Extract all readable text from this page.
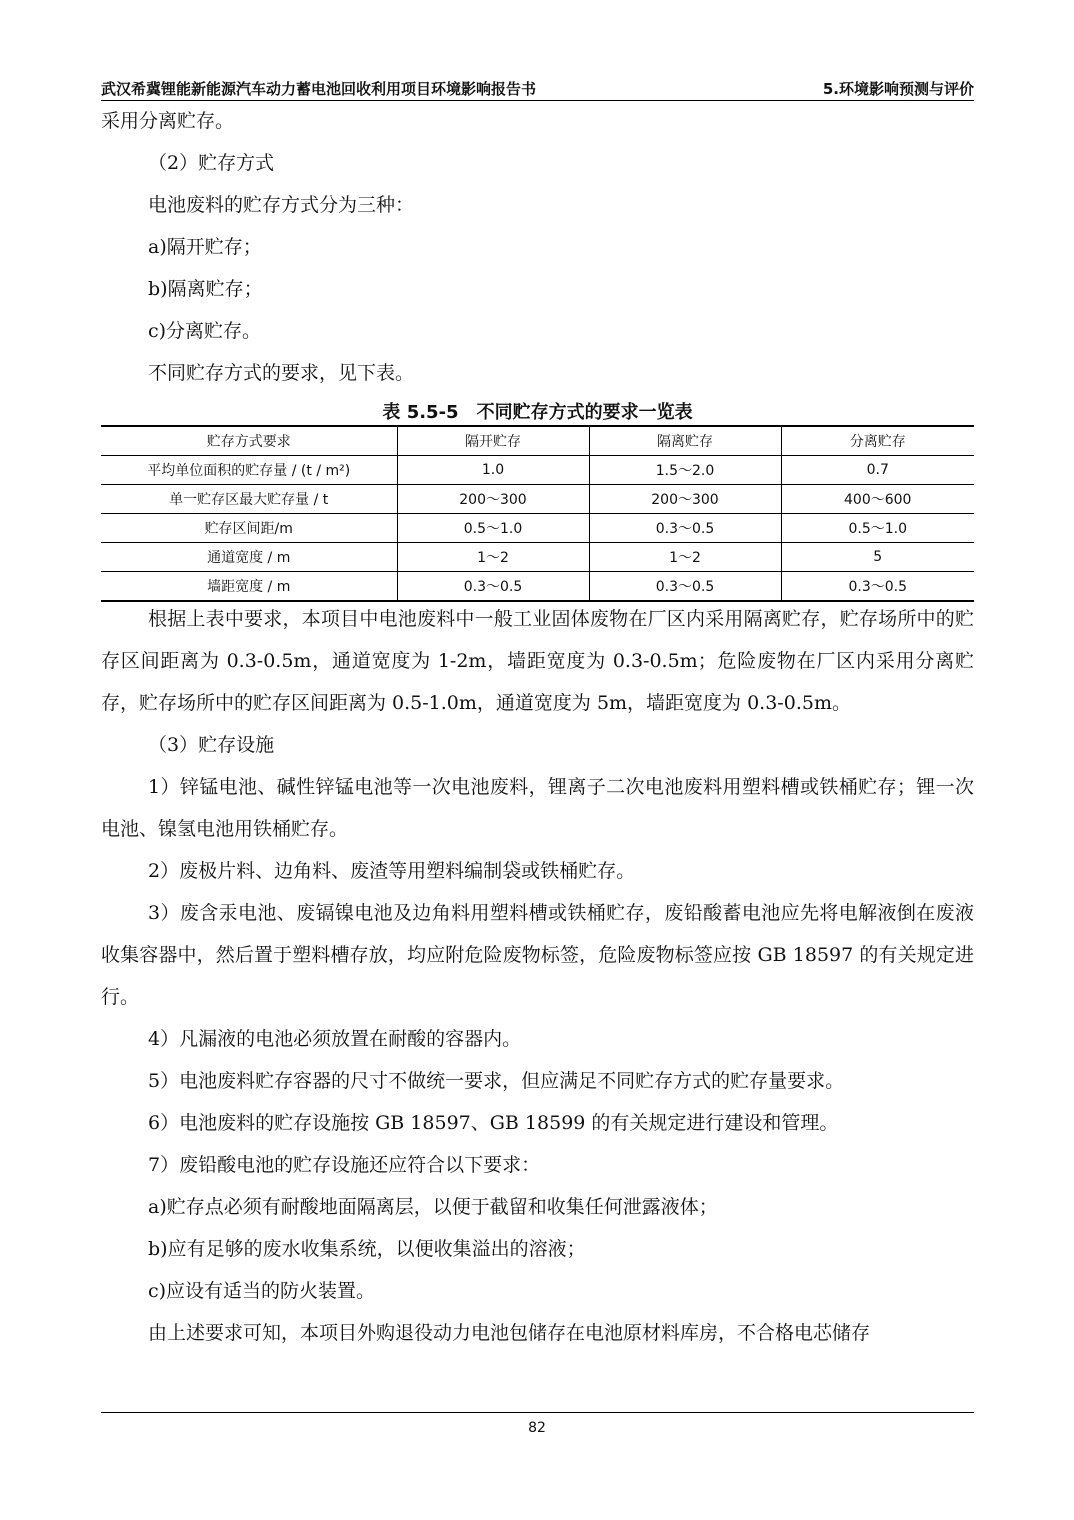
武汉希冀锂能新能源汽车动力蓄电池回收利用项目环境影响报告书	5.环境影响预测与评价

采用分离贮存。

（2）贮存方式

电池废料的贮存方式分为三种：

a)隔开贮存；

b)隔离贮存；

c)分离贮存。

不同贮存方式的要求，见下表。

表 5.5-5　不同贮存方式的要求一览表
贮存方式要求	隔开贮存	隔离贮存	分离贮存
平均单位面积的贮存量 / (t / m²)	1.0	1.5～2.0	0.7
单一贮存区最大贮存量 / t	200～300	200～300	400～600
贮存区间距/m	0.5～1.0	0.3～0.5	0.5～1.0
通道宽度 / m	1～2	1～2	5
墙距宽度 / m	0.3～0.5	0.3～0.5	0.3～0.5

根据上表中要求，本项目中电池废料中一般工业固体废物在厂区内采用隔离贮存，贮存场所中的贮存区间距离为 0.3-0.5m，通道宽度为 1-2m，墙距宽度为 0.3-0.5m；危险废物在厂区内采用分离贮存，贮存场所中的贮存区间距离为 0.5-1.0m，通道宽度为 5m，墙距宽度为 0.3-0.5m。

（3）贮存设施

1）锌锰电池、碱性锌锰电池等一次电池废料，锂离子二次电池废料用塑料槽或铁桶贮存；锂一次电池、镍氢电池用铁桶贮存。

2）废极片料、边角料、废渣等用塑料编制袋或铁桶贮存。

3）废含汞电池、废镉镍电池及边角料用塑料槽或铁桶贮存，废铅酸蓄电池应先将电解液倒在废液收集容器中，然后置于塑料槽存放，均应附危险废物标签，危险废物标签应按 GB 18597 的有关规定进行。

4）凡漏液的电池必须放置在耐酸的容器内。

5）电池废料贮存容器的尺寸不做统一要求，但应满足不同贮存方式的贮存量要求。

6）电池废料的贮存设施按 GB 18597、GB 18599 的有关规定进行建设和管理。

7）废铅酸电池的贮存设施还应符合以下要求：

a)贮存点必须有耐酸地面隔离层，以便于截留和收集任何泄露液体；

b)应有足够的废水收集系统，以便收集溢出的溶液；

c)应设有适当的防火装置。

由上述要求可知，本项目外购退役动力电池包储存在电池原材料库房，不合格电芯储存

82
